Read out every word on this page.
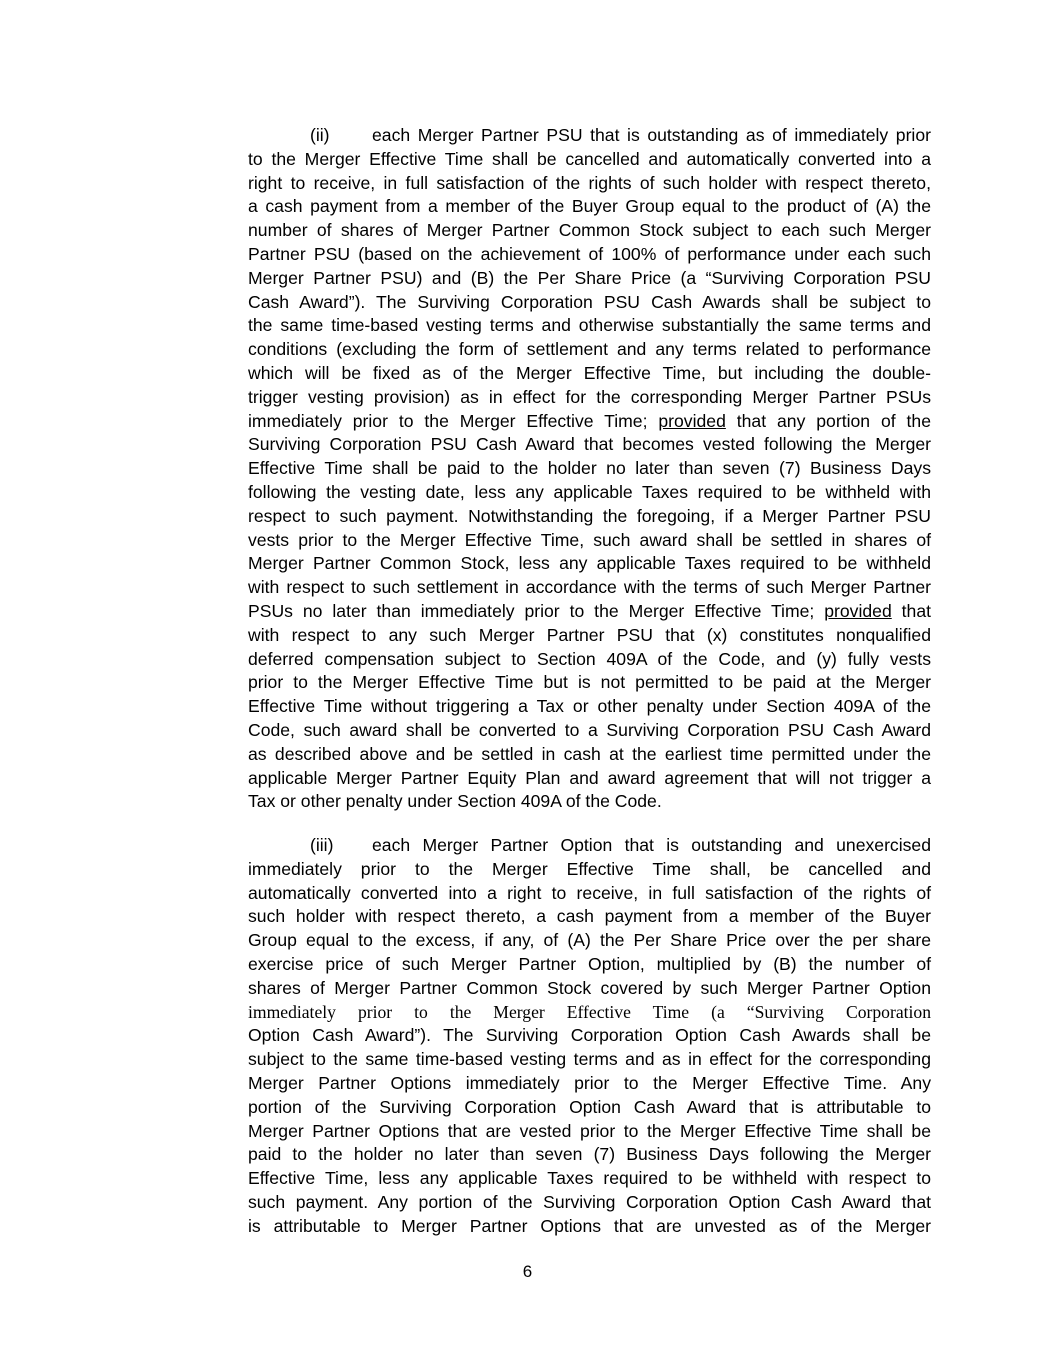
(ii) each Merger Partner PSU that is outstanding as of immediately prior
to the Merger Effective Time shall be cancelled and automatically converted into a
right to receive, in full satisfaction of the rights of such holder with respect thereto,
a cash payment from a member of the Buyer Group equal to the product of (A) the
number of shares of Merger Partner Common Stock subject to each such Merger
Partner PSU (based on the achievement of 100% of performance under each such
Merger Partner PSU) and (B) the Per Share Price (a “Surviving Corporation PSU
Cash Award”). The Surviving Corporation PSU Cash Awards shall be subject to
the same time-based vesting terms and otherwise substantially the same terms and
conditions (excluding the form of settlement and any terms related to performance
which will be fixed as of the Merger Effective Time, but including the double-
trigger vesting provision) as in effect for the corresponding Merger Partner PSUs
immediately prior to the Merger Effective Time; provided that any portion of the
Surviving Corporation PSU Cash Award that becomes vested following the Merger
Effective Time shall be paid to the holder no later than seven (7) Business Days
following the vesting date, less any applicable Taxes required to be withheld with
respect to such payment. Notwithstanding the foregoing, if a Merger Partner PSU
vests prior to the Merger Effective Time, such award shall be settled in shares of
Merger Partner Common Stock, less any applicable Taxes required to be withheld
with respect to such settlement in accordance with the terms of such Merger Partner
PSUs no later than immediately prior to the Merger Effective Time; provided that
with respect to any such Merger Partner PSU that (x) constitutes nonqualified
deferred compensation subject to Section 409A of the Code, and (y) fully vests
prior to the Merger Effective Time but is not permitted to be paid at the Merger
Effective Time without triggering a Tax or other penalty under Section 409A of the
Code, such award shall be converted to a Surviving Corporation PSU Cash Award
as described above and be settled in cash at the earliest time permitted under the
applicable Merger Partner Equity Plan and award agreement that will not trigger a
Tax or other penalty under Section 409A of the Code.
(iii) each Merger Partner Option that is outstanding and unexercised
immediately prior to the Merger Effective Time shall, be cancelled and
automatically converted into a right to receive, in full satisfaction of the rights of
such holder with respect thereto, a cash payment from a member of the Buyer
Group equal to the excess, if any, of (A) the Per Share Price over the per share
exercise price of such Merger Partner Option, multiplied by (B) the number of
shares of Merger Partner Common Stock covered by such Merger Partner Option
immediately prior to the Merger Effective Time (a “Surviving Corporation
Option Cash Award”). The Surviving Corporation Option Cash Awards shall be
subject to the same time-based vesting terms and as in effect for the corresponding
Merger Partner Options immediately prior to the Merger Effective Time. Any
portion of the Surviving Corporation Option Cash Award that is attributable to
Merger Partner Options that are vested prior to the Merger Effective Time shall be
paid to the holder no later than seven (7) Business Days following the Merger
Effective Time, less any applicable Taxes required to be withheld with respect to
such payment. Any portion of the Surviving Corporation Option Cash Award that
is attributable to Merger Partner Options that are unvested as of the Merger
6
